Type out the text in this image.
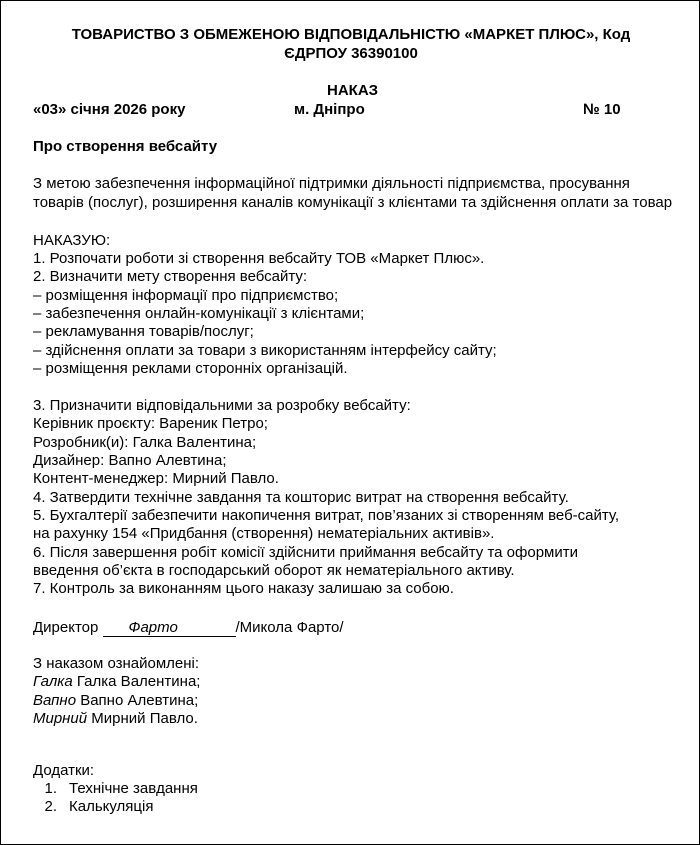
ТОВАРИСТВО З ОБМЕЖЕНОЮ ВІДПОВІДАЛЬНІСТЮ «МАРКЕТ ПЛЮС», Код
ЄДРПОУ 36390100
НАКАЗ
«03» січня 2026 року	м. Дніпро	№ 10
Про створення вебсайту
З метою забезпечення інформаційної підтримки діяльності підприємства, просування товарів (послуг), розширення каналів комунікації з клієнтами та здійснення оплати за товар
НАКАЗУЮ:
1. Розпочати роботи зі створення вебсайту ТОВ «Маркет Плюс».
2. Визначити мету створення вебсайту:
– розміщення інформації про підприємство;
– забезпечення онлайн-комунікації з клієнтами;
– рекламування товарів/послуг;
– здійснення оплати за товари з використанням інтерфейсу сайту;
– розміщення реклами сторонніх організацій.
3. Призначити відповідальними за розробку вебсайту:
Керівник проєкту: Вареник Петро;
Розробник(и): Галка Валентина;
Дизайнер: Вапно Алевтина;
Контент-менеджер: Мирний Павло.
4. Затвердити технічне завдання та кошторис витрат на створення вебсайту.
5. Бухгалтерії забезпечити накопичення витрат, пов’язаних зі створенням веб-сайту,
на рахунку 154 «Придбання (створення) нематеріальних активів».
6. Після завершення робіт комісії здійснити приймання вебсайту та оформити
введення об’єкта в господарський оборот як нематеріального активу.
7. Контроль за виконанням цього наказу залишаю за собою.
Директор Фарто	/Микола Фарто/
З наказом ознайомлені:
Галка Галка Валентина;
Вапно Вапно Алевтина;
Мирний Мирний Павло.
Додатки:
1. Технічне завдання
2. Калькуляція
